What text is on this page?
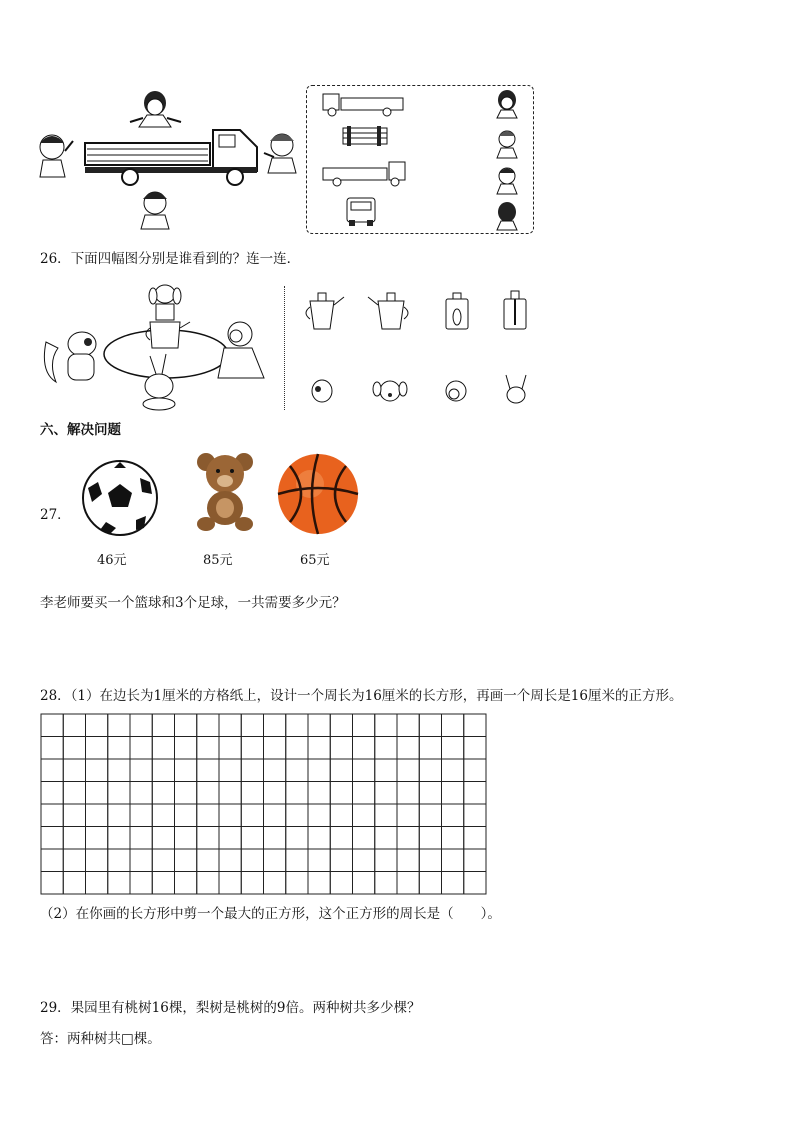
26．下面四幅图分别是谁看到的？连一连．
六、解决问题
27．
46元	85元	65元
李老师要买一个篮球和3个足球，一共需要多少元？
28．（1）在边长为1厘米的方格纸上，设计一个周长为16厘米的长方形，再画一个周长是16厘米的正方形。
（2）在你画的长方形中剪一个最大的正方形，这个正方形的周长是（　　）。
29．果园里有桃树16棵，梨树是桃树的9倍。两种树共多少棵？
答：两种树共□棵。
